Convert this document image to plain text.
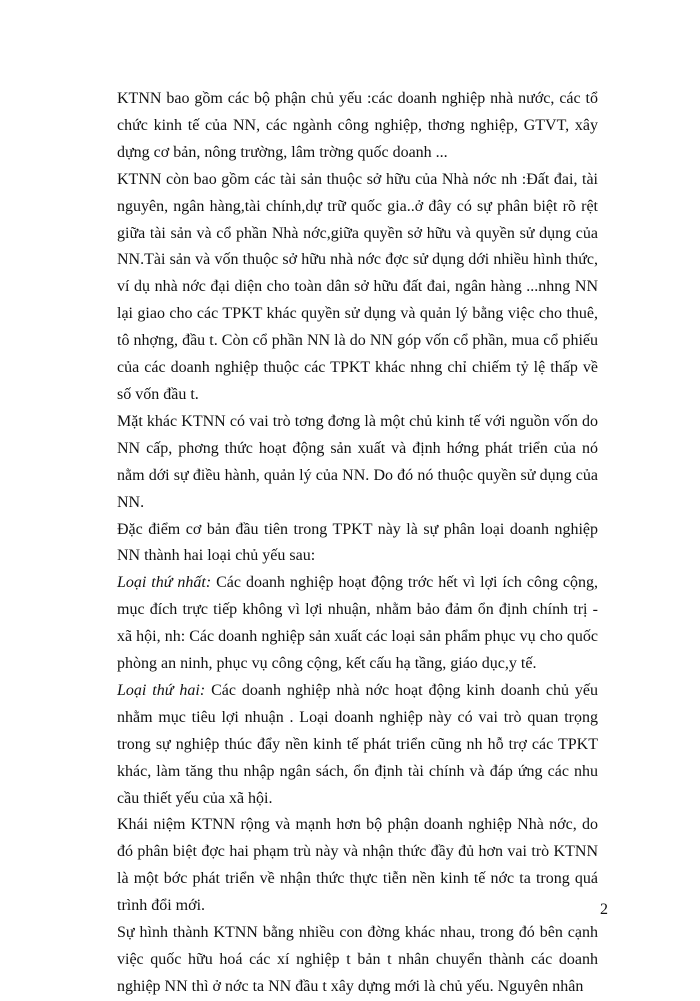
KTNN bao gồm các bộ phận chủ yếu :các doanh nghiệp nhà nước, các tổ chức kinh tế của NN, các ngành công nghiệp, thơng nghiệp, GTVT, xây dựng cơ bản, nông trường, lâm trờng quốc doanh ...

KTNN còn bao gồm các tài sản thuộc sở hữu của Nhà nớc nh :Đất đai, tài nguyên, ngân hàng,tài chính,dự trữ quốc gia..ở đây có sự phân biệt rõ rệt giữa tài sản và cổ phần Nhà nớc,giữa quyền sở hữu và quyền sử dụng của NN.Tài sản và vốn thuộc sở hữu nhà nớc đợc sử dụng dới nhiều hình thức, ví dụ nhà nớc đại diện cho toàn dân sở hữu đất đai, ngân hàng ...nhng NN lại giao cho các TPKT khác quyền sử dụng và quản lý bằng việc cho thuê, tô nhợng, đầu t. Còn cổ phần NN là do NN góp vốn cổ phần, mua cổ phiếu của các doanh nghiệp thuộc các TPKT khác nhng chỉ chiếm tỷ lệ thấp về số vốn đầu t.

Mặt khác KTNN có vai trò tơng đơng là một chủ kinh tế với nguồn vốn do NN cấp, phơng thức hoạt động sản xuất và định hớng phát triển của nó nằm dới sự điều hành, quản lý của NN. Do đó nó thuộc quyền sử dụng của NN.

Đặc điểm cơ bản đầu tiên trong TPKT này là sự phân loại doanh nghiệp NN thành hai loại chủ yếu sau:

Loại thứ nhất: Các doanh nghiệp hoạt động trớc hết vì lợi ích công cộng, mục đích trực tiếp không vì lợi nhuận, nhằm bảo đảm ổn định chính trị - xã hội, nh: Các doanh nghiệp sản xuất các loại sản phẩm phục vụ cho quốc phòng an ninh, phục vụ công cộng, kết cấu hạ tầng, giáo dục,y tế.

Loại thứ hai: Các doanh nghiệp nhà nớc hoạt động kinh doanh chủ yếu nhằm mục tiêu lợi nhuận . Loại doanh nghiệp này có vai trò quan trọng trong sự nghiệp thúc đẩy nền kinh tế phát triển cũng nh hỗ trợ các TPKT khác, làm tăng thu nhập ngân sách, ổn định tài chính và đáp ứng các nhu cầu thiết yếu của xã hội.

Khái niệm KTNN rộng và mạnh hơn bộ phận doanh nghiệp Nhà nớc, do đó phân biệt đợc hai phạm trù này và nhận thức đầy đủ hơn vai trò KTNN là một bớc phát triển về nhận thức thực tiễn nền kinh tế nớc ta trong quá trình đổi mới.

Sự hình thành KTNN bằng nhiều con đờng khác nhau, trong đó bên cạnh việc quốc hữu hoá các xí nghiệp t bản t nhân chuyển thành các doanh nghiệp NN thì ở nớc ta NN đầu t xây dựng mới là chủ yếu. Nguyên nhân

2
